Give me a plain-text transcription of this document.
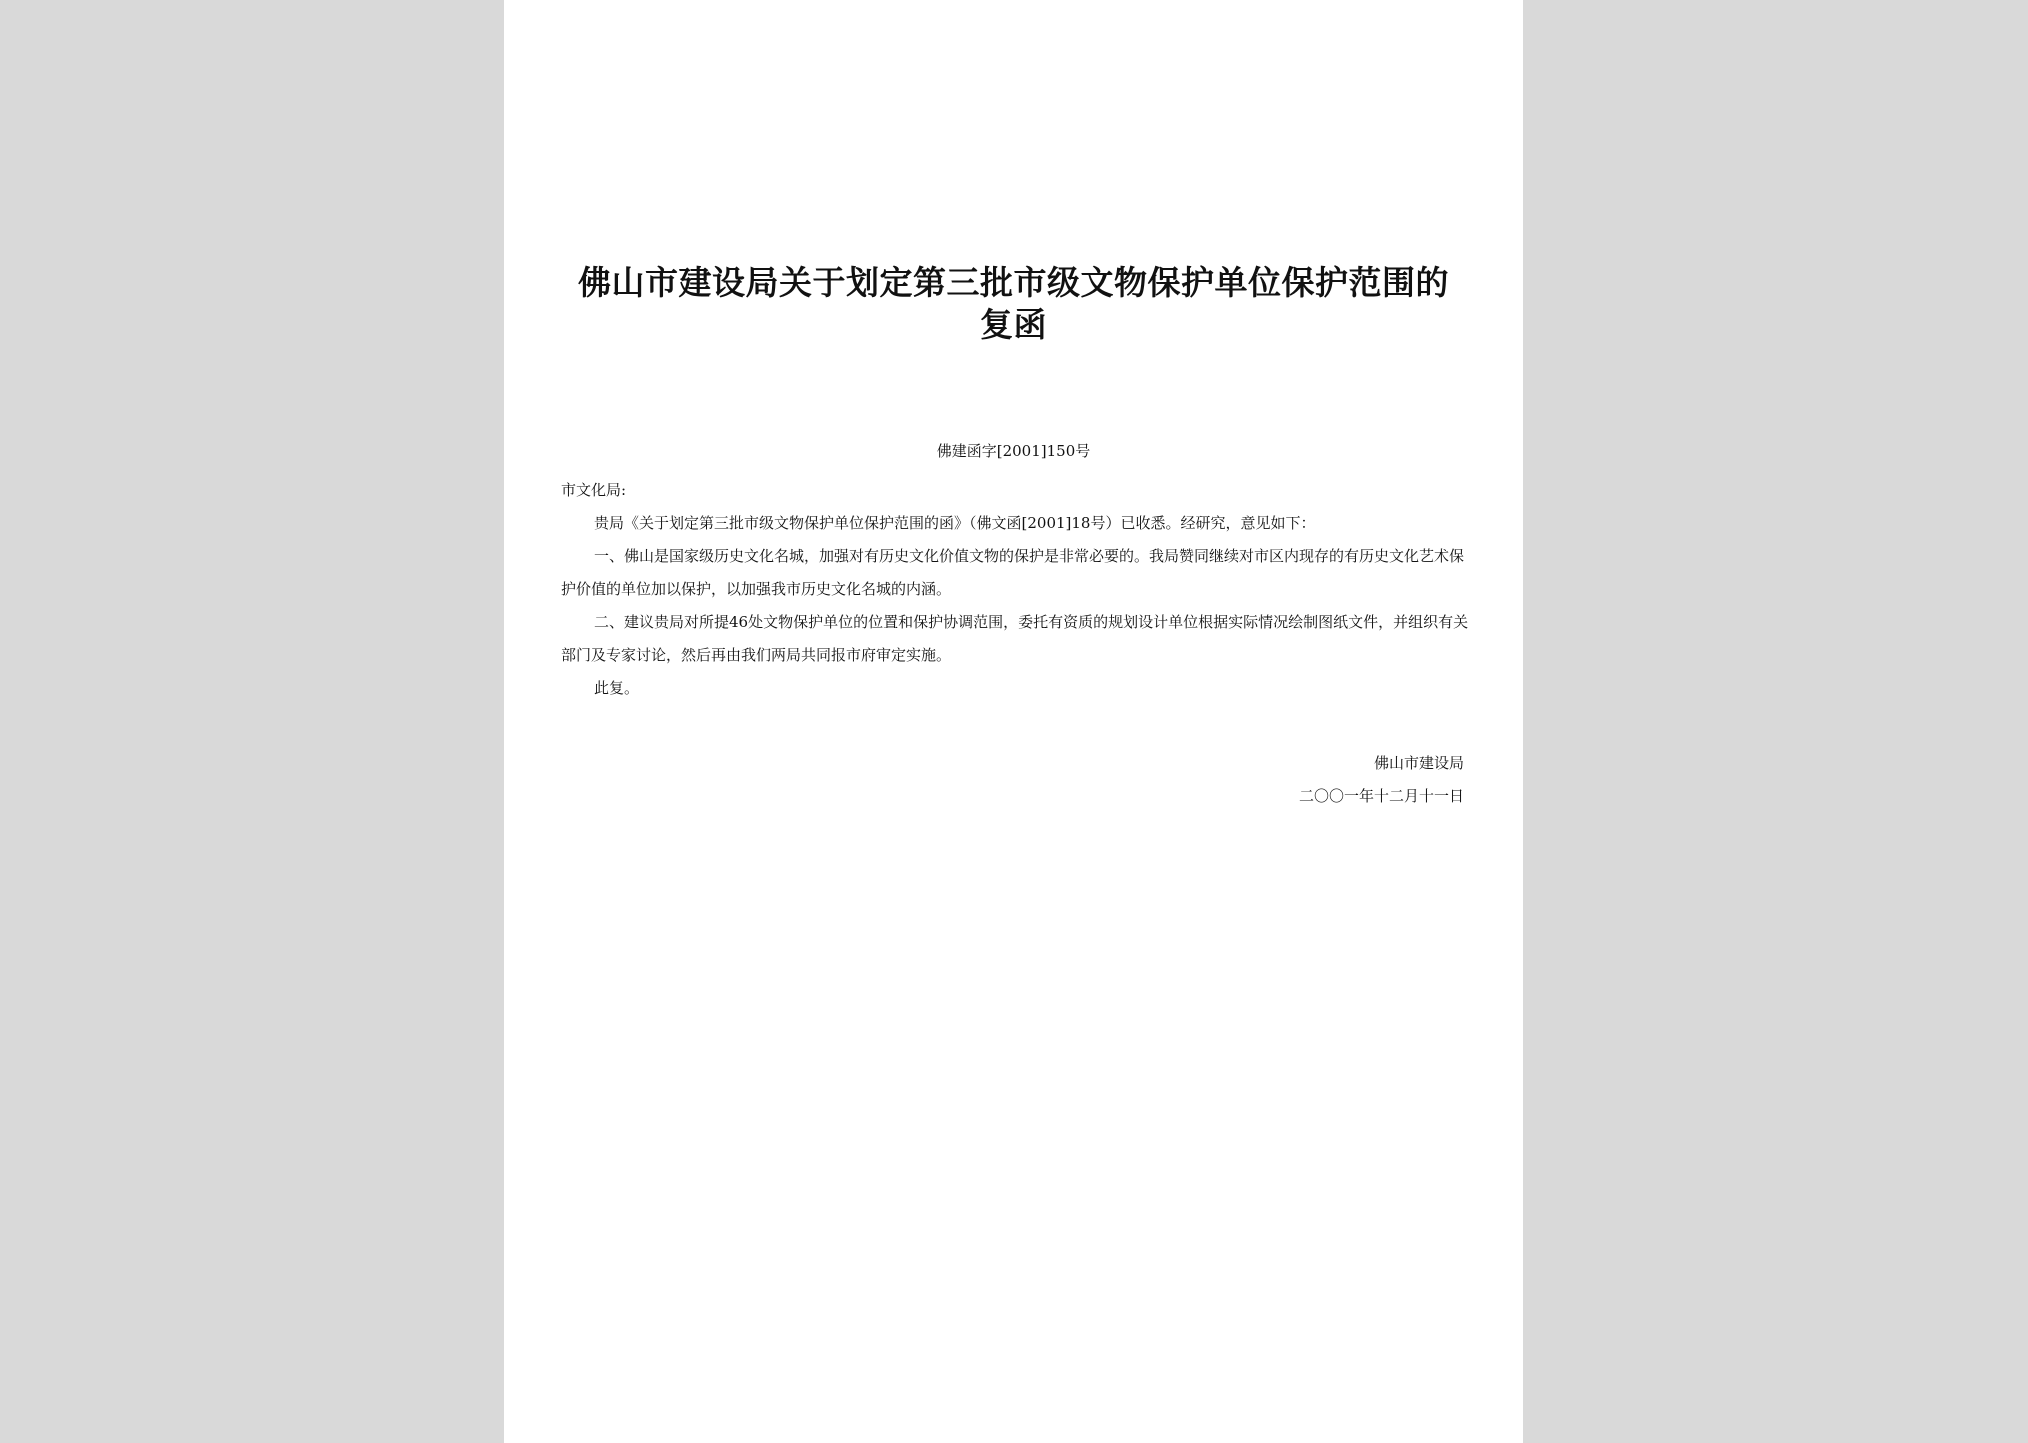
佛山市建设局关于划定第三批市级文物保护单位保护范围的复函
佛建函字[2001]150号

市文化局:

贵局《关于划定第三批市级文物保护单位保护范围的函》（佛文函[2001]18号）已收悉。经研究，意见如下：

一、佛山是国家级历史文化名城，加强对有历史文化价值文物的保护是非常必要的。我局赞同继续对市区内现存的有历史文化艺术保护价值的单位加以保护，以加强我市历史文化名城的内涵。

二、建议贵局对所提46处文物保护单位的位置和保护协调范围，委托有资质的规划设计单位根据实际情况绘制图纸文件，并组织有关部门及专家讨论，然后再由我们两局共同报市府审定实施。

此复。

佛山市建设局
二〇〇一年十二月十一日
